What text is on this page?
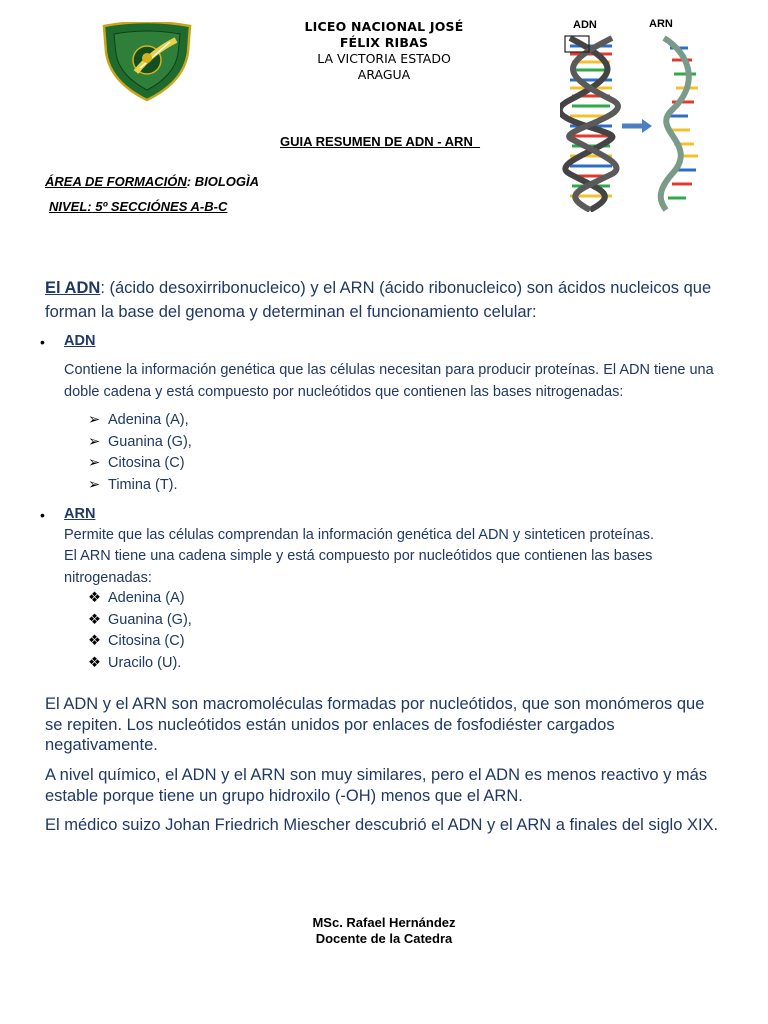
LICEO NACIONAL JOSÉ
FÉLIX RIBAS
LA VICTORIA ESTADO
ARAGUA
ADN	ARN
GUIA RESUMEN DE ADN - ARN
ÁREA DE FORMACIÓN: BIOLOGÌA
NIVEL: 5º SECCIÓNES A-B-C
El ADN: (ácido desoxirribonucleico) y el ARN (ácido ribonucleico) son ácidos nucleicos que forman la base del genoma y determinan el funcionamiento celular:
• ADN
Contiene la información genética que las células necesitan para producir proteínas. El ADN tiene una doble cadena y está compuesto por nucleótidos que contienen las bases nitrogenadas:
➢ Adenina (A),
➢ Guanina (G),
➢ Citosina (C)
➢ Timina (T).
• ARN
Permite que las células comprendan la información genética del ADN y sinteticen proteínas.
El ARN tiene una cadena simple y está compuesto por nucleótidos que contienen las bases nitrogenadas:
❖ Adenina (A)
❖ Guanina (G),
❖ Citosina (C)
❖ Uracilo (U).
El ADN y el ARN son macromoléculas formadas por nucleótidos, que son monómeros que se repiten. Los nucleótidos están unidos por enlaces de fosfodiéster cargados negativamente.
A nivel químico, el ADN y el ARN son muy similares, pero el ADN es menos reactivo y más estable porque tiene un grupo hidroxilo (-OH) menos que el ARN.
El médico suizo Johan Friedrich Miescher descubrió el ADN y el ARN a finales del siglo XIX.
MSc. Rafael Hernández
Docente de la Catedra
